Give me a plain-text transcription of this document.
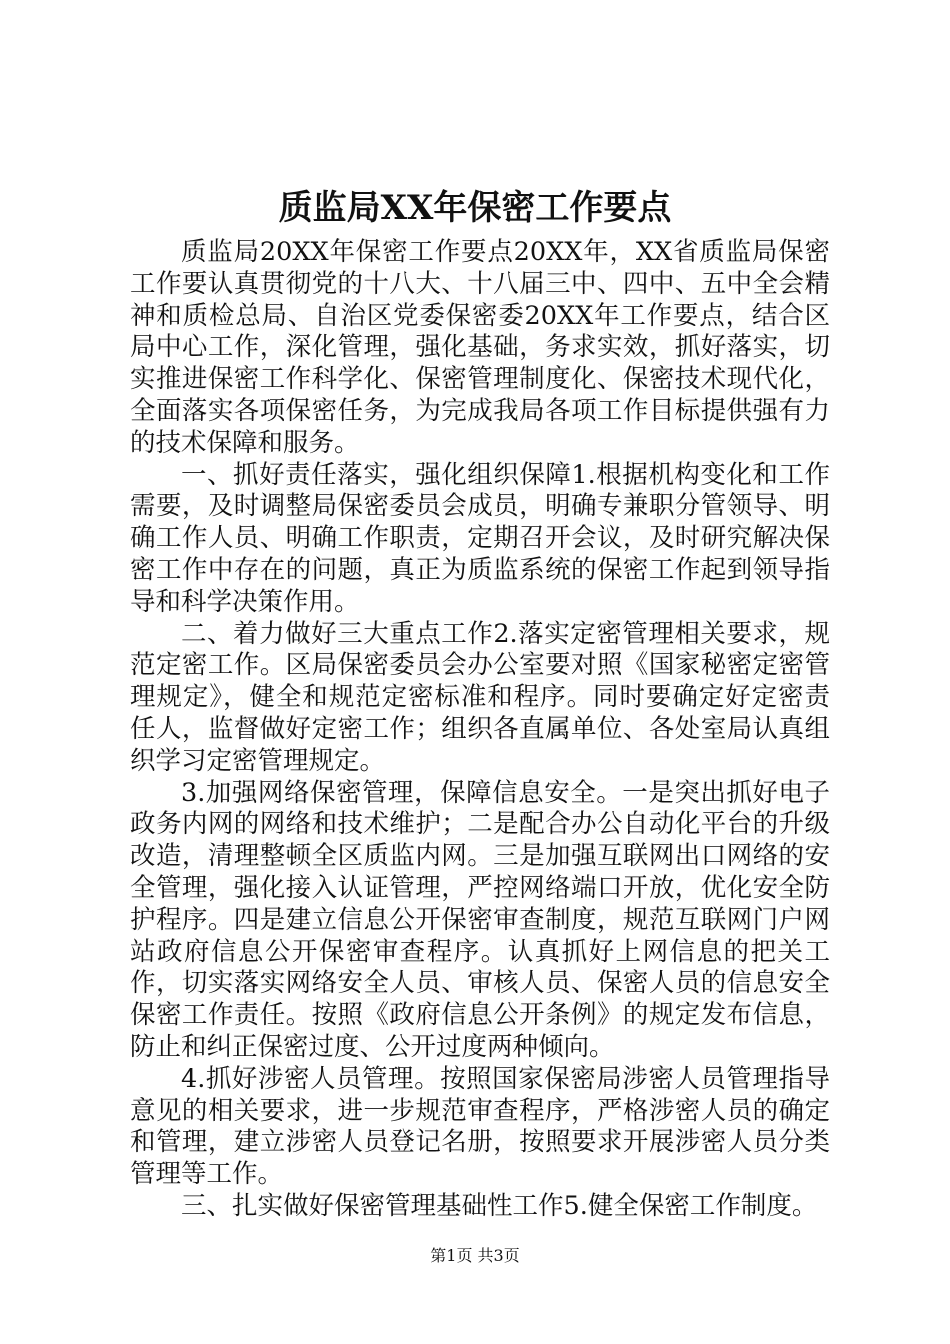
质监局XX年保密工作要点

质监局20XX年保密工作要点20XX年，XX省质监局保密工作要认真贯彻党的十八大、十八届三中、四中、五中全会精神和质检总局、自治区党委保密委20XX年工作要点，结合区局中心工作，深化管理，强化基础，务求实效，抓好落实，切实推进保密工作科学化、保密管理制度化、保密技术现代化，全面落实各项保密任务，为完成我局各项工作目标提供强有力的技术保障和服务。

一、抓好责任落实，强化组织保障1.根据机构变化和工作需要，及时调整局保密委员会成员，明确专兼职分管领导、明确工作人员、明确工作职责，定期召开会议，及时研究解决保密工作中存在的问题，真正为质监系统的保密工作起到领导指导和科学决策作用。

二、着力做好三大重点工作2.落实定密管理相关要求，规范定密工作。区局保密委员会办公室要对照《国家秘密定密管理规定》，健全和规范定密标准和程序。同时要确定好定密责任人，监督做好定密工作；组织各直属单位、各处室局认真组织学习定密管理规定。

3.加强网络保密管理，保障信息安全。一是突出抓好电子政务内网的网络和技术维护；二是配合办公自动化平台的升级改造，清理整顿全区质监内网。三是加强互联网出口网络的安全管理，强化接入认证管理，严控网络端口开放，优化安全防护程序。四是建立信息公开保密审查制度，规范互联网门户网站政府信息公开保密审查程序。认真抓好上网信息的把关工作，切实落实网络安全人员、审核人员、保密人员的信息安全保密工作责任。按照《政府信息公开条例》的规定发布信息，防止和纠正保密过度、公开过度两种倾向。

4.抓好涉密人员管理。按照国家保密局涉密人员管理指导意见的相关要求，进一步规范审查程序，严格涉密人员的确定和管理，建立涉密人员登记名册，按照要求开展涉密人员分类管理等工作。

三、扎实做好保密管理基础性工作5.健全保密工作制度。

第1页 共3页
